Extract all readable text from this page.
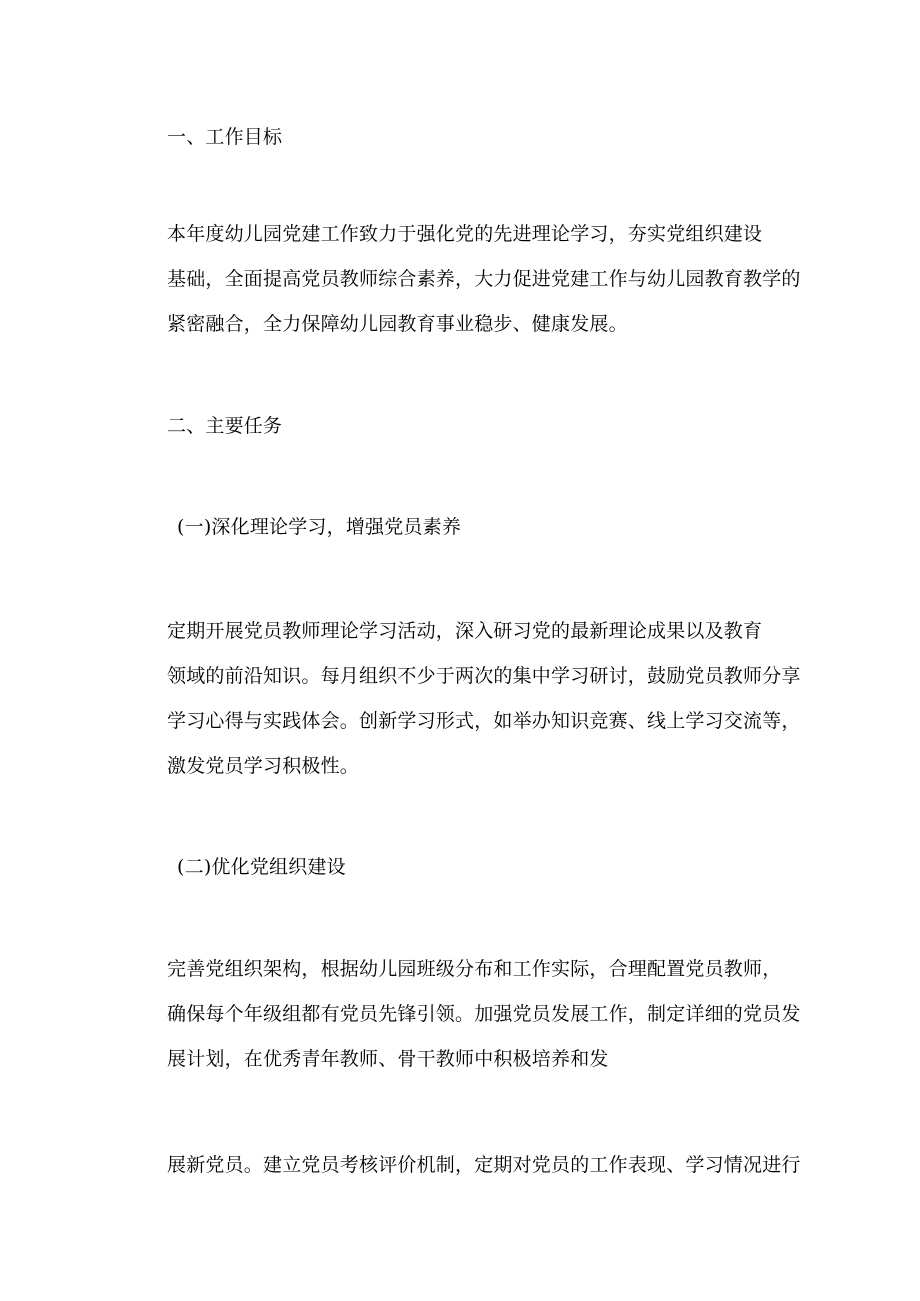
一、工作目标

本年度幼儿园党建工作致力于强化党的先进理论学习，夯实党组织建设
基础，全面提高党员教师综合素养，大力促进党建工作与幼儿园教育教学的
紧密融合，全力保障幼儿园教育事业稳步、健康发展。

二、主要任务

(一)深化理论学习，增强党员素养

定期开展党员教师理论学习活动，深入研习党的最新理论成果以及教育
领域的前沿知识。每月组织不少于两次的集中学习研讨，鼓励党员教师分享
学习心得与实践体会。创新学习形式，如举办知识竞赛、线上学习交流等，
激发党员学习积极性。

(二)优化党组织建设

完善党组织架构，根据幼儿园班级分布和工作实际，合理配置党员教师，
确保每个年级组都有党员先锋引领。加强党员发展工作，制定详细的党员发
展计划，在优秀青年教师、骨干教师中积极培养和发
展新党员。建立党员考核评价机制，定期对党员的工作表现、学习情况进行
